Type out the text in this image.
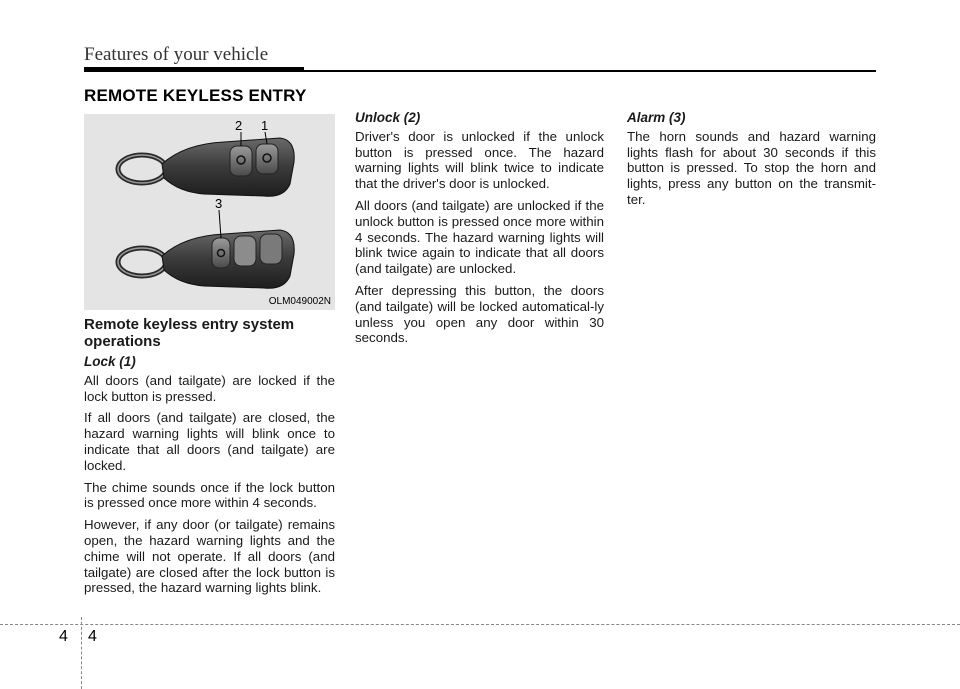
Features of your vehicle
REMOTE KEYLESS ENTRY
2 1
3
OLM049002N
Remote keyless entry system operations
Lock (1)

All doors (and tailgate) are locked if the lock button is pressed.

If all doors (and tailgate) are closed, the hazard warning lights will blink once to indicate that all doors (and tailgate) are locked.

The chime sounds once if the lock button is pressed once more within 4 seconds.

However, if any door (or tailgate) remains open, the hazard warning lights and the chime will not operate. If all doors (and tailgate) are closed after the lock button is pressed, the hazard warning lights blink.

Unlock (2)

Driver's door is unlocked if the unlock button is pressed once. The hazard warning lights will blink twice to indicate that the driver's door is unlocked.

All doors (and tailgate) are unlocked if the unlock button is pressed once more within 4 seconds. The hazard warning lights will blink twice again to indicate that all doors (and tailgate) are unlocked.

After depressing this button, the doors (and tailgate) will be locked automatical-ly unless you open any door within 30 seconds.

Alarm (3)

The horn sounds and hazard warning lights flash for about 30 seconds if this button is pressed. To stop the horn and lights, press any button on the transmit-ter.

4 4
